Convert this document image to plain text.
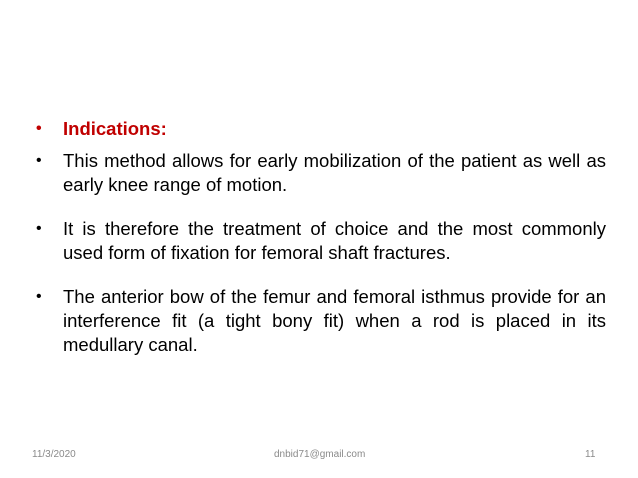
•	Indications:
•	This method allows for early mobilization of the patient as well as early knee range of motion.
•	It is therefore the treatment of choice and the most commonly used form of fixation for femoral shaft fractures.
•	The anterior bow of the femur and femoral isthmus provide for an interference fit (a tight bony fit) when a rod is placed in its medullary canal.
11/3/2020	dnbid71@gmail.com	11
